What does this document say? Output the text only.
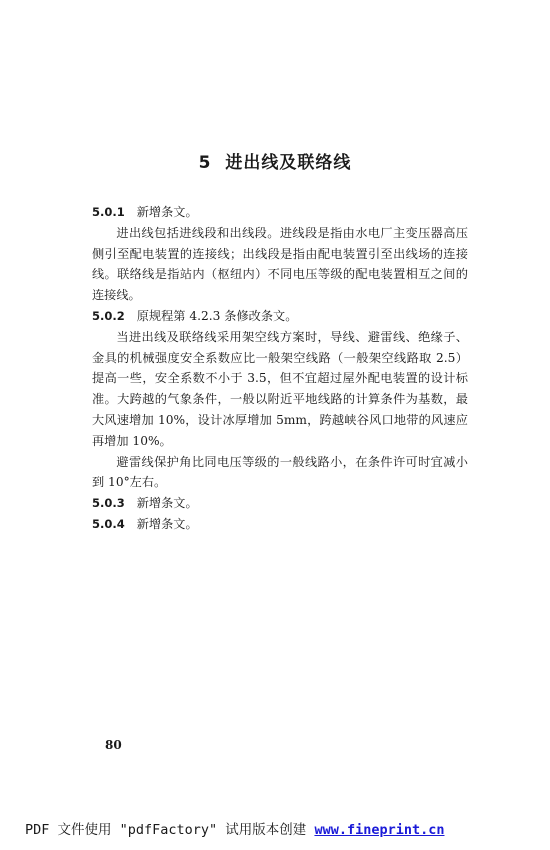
5 进出线及联络线

5.0.1 新增条文。

进出线包括进线段和出线段。进线段是指由水电厂主变压器高压侧引至配电装置的连接线；出线段是指由配电装置引至出线场的连接线。联络线是指站内（枢纽内）不同电压等级的配电装置相互之间的连接线。

5.0.2 原规程第 4.2.3 条修改条文。

当进出线及联络线采用架空线方案时，导线、避雷线、绝缘子、金具的机械强度安全系数应比一般架空线路（一般架空线路取 2.5）提高一些，安全系数不小于 3.5，但不宜超过屋外配电装置的设计标准。大跨越的气象条件，一般以附近平地线路的计算条件为基数，最大风速增加 10%，设计冰厚增加 5mm，跨越峡谷风口地带的风速应再增加 10%。

避雷线保护角比同电压等级的一般线路小，在条件许可时宜减小到 10°左右。

5.0.3 新增条文。

5.0.4 新增条文。

80
PDF 文件使用 "pdfFactory" 试用版本创建 www.fineprint.cn
